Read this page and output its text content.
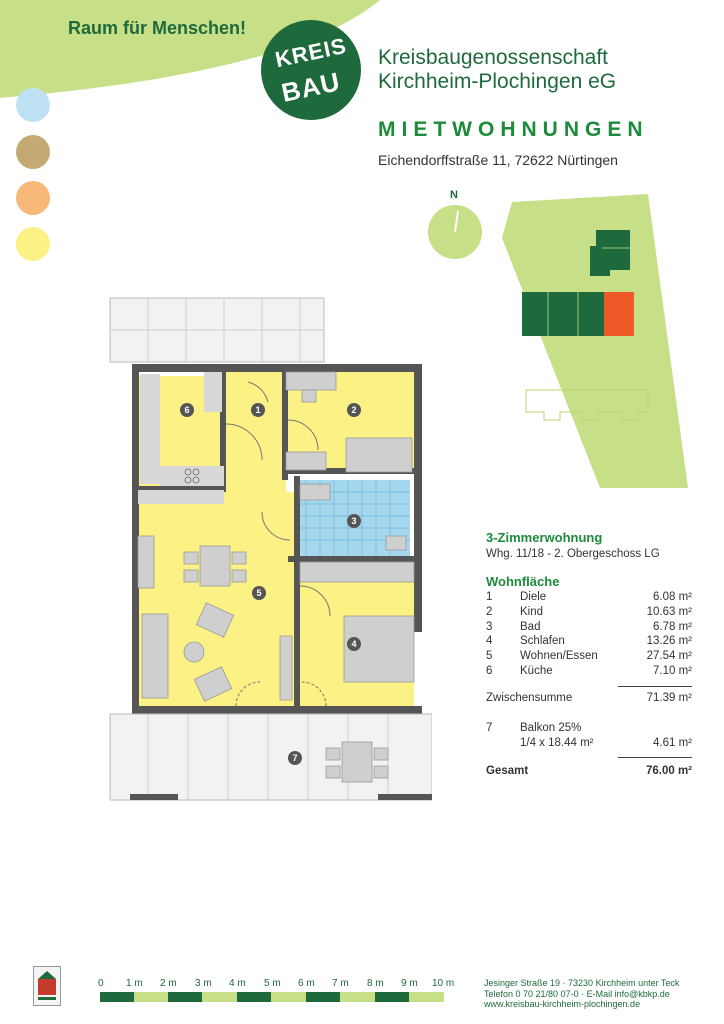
Raum für Menschen!
KREIS
BAU
Kreisbaugenossenschaft
Kirchheim-Plochingen eG
MIETWOHNUNGEN
Eichendorffstraße 11, 72622 Nürtingen
N
6	1	2
3
5
4
7
3-Zimmerwohnung
Whg. 11/18 - 2. Obergeschoss LG
Wohnfläche
1 Diele	6.08 m²
2 Kind	10.63 m²
3 Bad	6.78 m²
4 Schlafen	13.26 m²
5 Wohnen/Essen	27.54 m²
6 Küche	7.10 m²
Zwischensumme	71.39 m²
7 Balkon 25%
1/4 x 18.44 m²	4.61 m²
Gesamt	76.00 m²
0 1 m 2 m 3 m 4 m 5 m 6 m 7 m 8 m 9 m 10 m	Jesinger Straße 19 · 73230 Kirchheim unter Teck
Telefon 0 70 21/80 07-0 · E-Mail info@kbkp.de
www.kreisbau-kirchheim-plochingen.de
